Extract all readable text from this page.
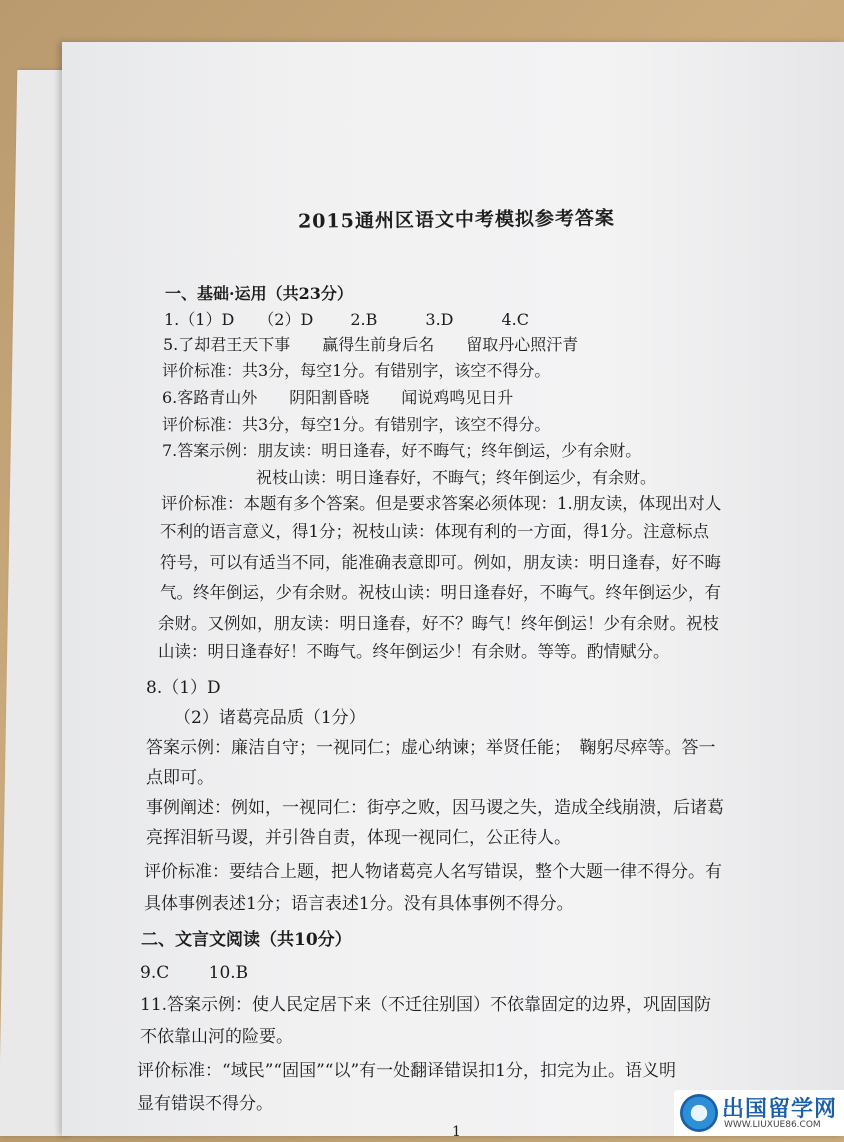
2015通州区语文中考模拟参考答案
一、基础·运用（共23分）
1.（1）D　　（2）D　　 2.B　　　3.D　　　4.C
5.了却君王天下事　　赢得生前身后名　　留取丹心照汗青
评价标准：共3分，每空1分。有错别字，该空不得分。
6.客路青山外　　阴阳割昏晓　　闻说鸡鸣见日升
评价标准：共3分，每空1分。有错别字，该空不得分。
7.答案示例：朋友读：明日逢春，好不晦气；终年倒运，少有余财。
祝枝山读：明日逢春好，不晦气；终年倒运少，有余财。
评价标准：本题有多个答案。但是要求答案必须体现：1.朋友读，体现出对人
不利的语言意义，得1分；祝枝山读：体现有利的一方面，得1分。注意标点
符号，可以有适当不同，能准确表意即可。例如，朋友读：明日逢春，好不晦
气。终年倒运，少有余财。祝枝山读：明日逢春好，不晦气。终年倒运少，有
余财。又例如，朋友读：明日逢春，好不？晦气！终年倒运！少有余财。祝枝
山读：明日逢春好！不晦气。终年倒运少！有余财。等等。酌情赋分。
8.（1）D
（2）诸葛亮品质（1分）
答案示例：廉洁自守；一视同仁；虚心纳谏；举贤任能；　鞠躬尽瘁等。答一
点即可。
事例阐述：例如，一视同仁：街亭之败，因马谡之失，造成全线崩溃，后诸葛
亮挥泪斩马谡，并引咎自责，体现一视同仁，公正待人。
评价标准：要结合上题，把人物诸葛亮人名写错误，整个大题一律不得分。有
具体事例表述1分；语言表述1分。没有具体事例不得分。
二、文言文阅读（共10分）
9.C　　 10.B
11.答案示例：使人民定居下来（不迁往别国）不依靠固定的边界，巩固国防
不依靠山河的险要。
评价标准：“域民”“固国”“以”有一处翻译错误扣1分，扣完为止。语义明
显有错误不得分。
1
出国留学网
WWW.LIUXUE86.COM
